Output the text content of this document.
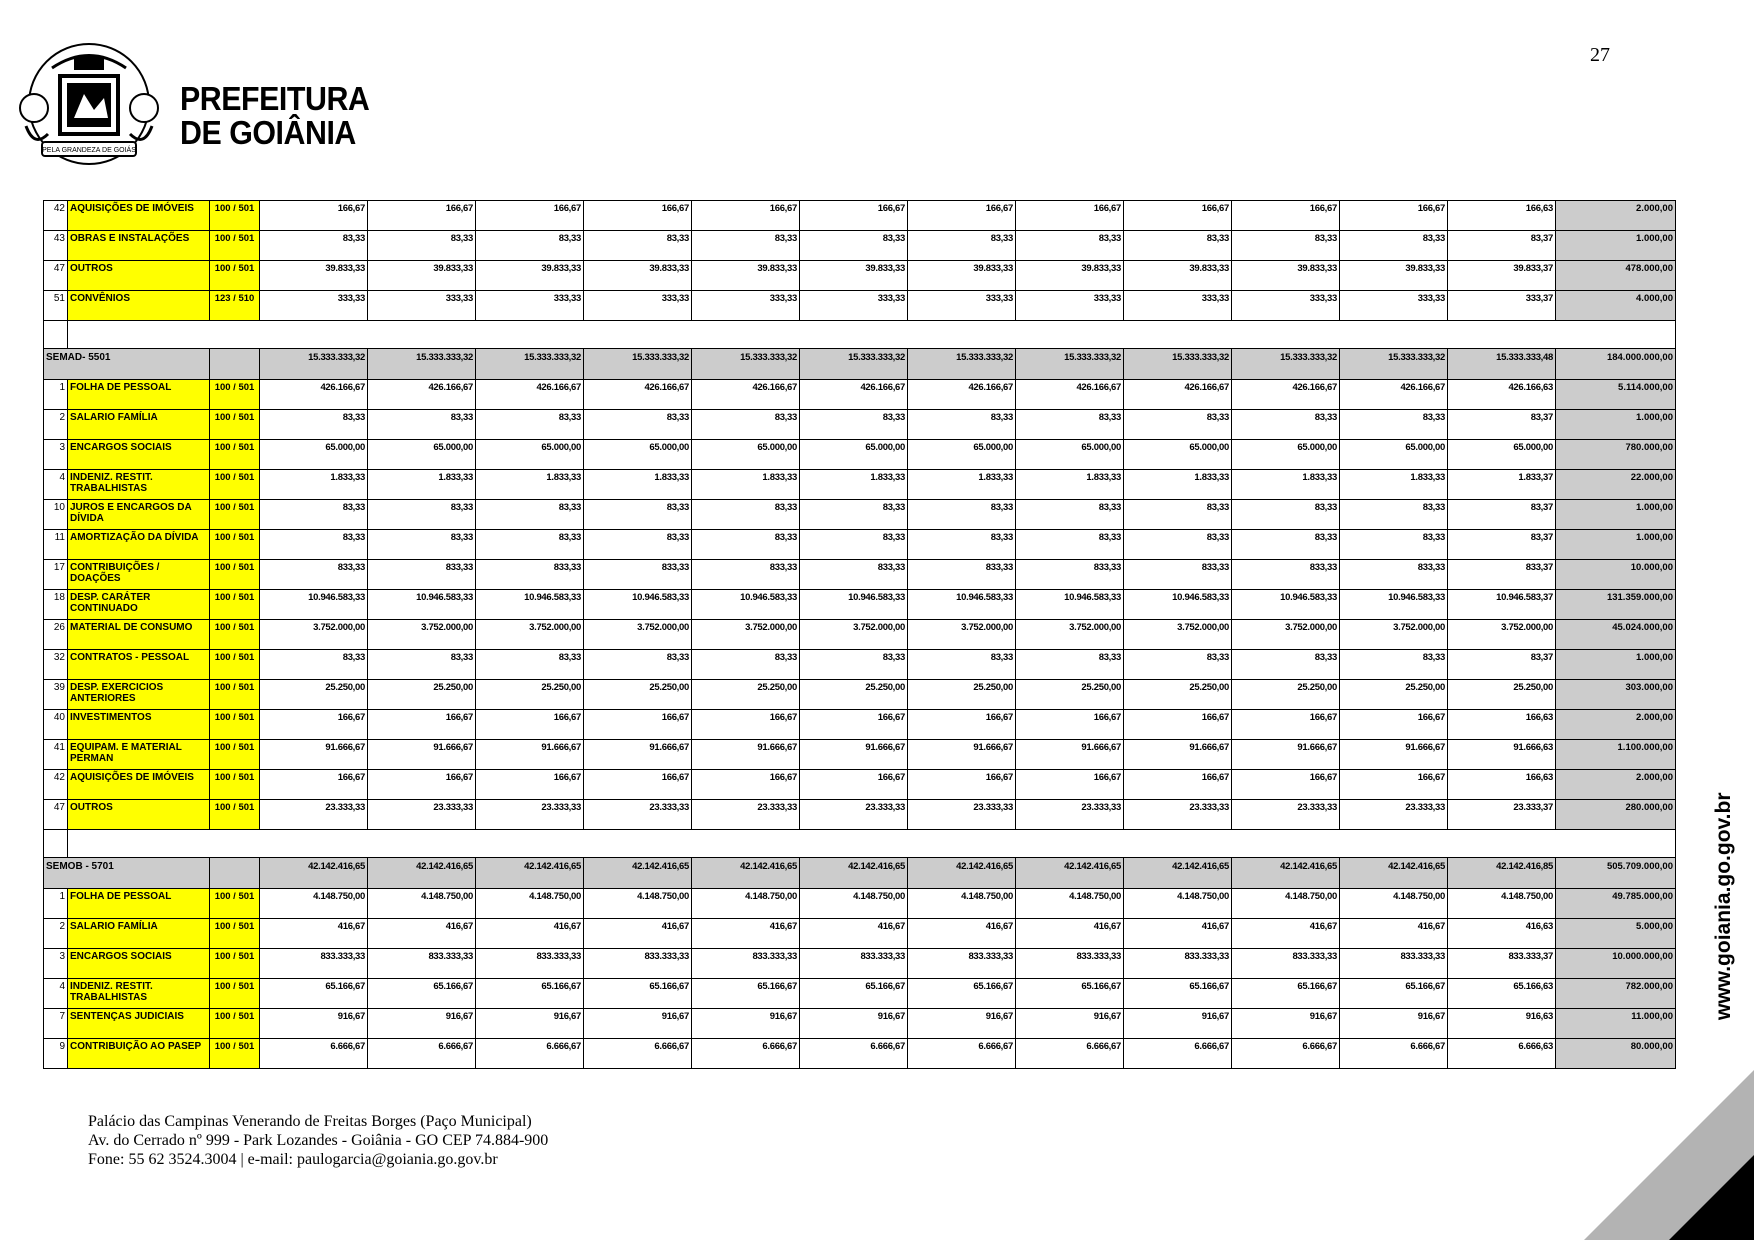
27
PELA GRANDEZA DE GOIÁS
PREFEITURA
DE GOIÂNIA
42	AQUISIÇÕES DE IMÓVEIS	100 / 501	166,67	166,67	166,67	166,67	166,67	166,67	166,67	166,67	166,67	166,67	166,67	166,63	2.000,00
43	OBRAS E INSTALAÇÕES	100 / 501	83,33	83,33	83,33	83,33	83,33	83,33	83,33	83,33	83,33	83,33	83,33	83,37	1.000,00
47	OUTROS	100 / 501	39.833,33	39.833,33	39.833,33	39.833,33	39.833,33	39.833,33	39.833,33	39.833,33	39.833,33	39.833,33	39.833,33	39.833,37	478.000,00
51	CONVÊNIOS	123 / 510	333,33	333,33	333,33	333,33	333,33	333,33	333,33	333,33	333,33	333,33	333,33	333,37	4.000,00

SEMAD- 5501			15.333.333,32	15.333.333,32	15.333.333,32	15.333.333,32	15.333.333,32	15.333.333,32	15.333.333,32	15.333.333,32	15.333.333,32	15.333.333,32	15.333.333,32	15.333.333,48	184.000.000,00
1	FOLHA DE PESSOAL	100 / 501	426.166,67	426.166,67	426.166,67	426.166,67	426.166,67	426.166,67	426.166,67	426.166,67	426.166,67	426.166,67	426.166,67	426.166,63	5.114.000,00
2	SALARIO FAMÍLIA	100 / 501	83,33	83,33	83,33	83,33	83,33	83,33	83,33	83,33	83,33	83,33	83,33	83,37	1.000,00
3	ENCARGOS SOCIAIS	100 / 501	65.000,00	65.000,00	65.000,00	65.000,00	65.000,00	65.000,00	65.000,00	65.000,00	65.000,00	65.000,00	65.000,00	65.000,00	780.000,00
4	INDENIZ. RESTIT. TRABALHISTAS	100 / 501	1.833,33	1.833,33	1.833,33	1.833,33	1.833,33	1.833,33	1.833,33	1.833,33	1.833,33	1.833,33	1.833,33	1.833,37	22.000,00
10	JUROS E ENCARGOS DA DÍVIDA	100 / 501	83,33	83,33	83,33	83,33	83,33	83,33	83,33	83,33	83,33	83,33	83,33	83,37	1.000,00
11	AMORTIZAÇÃO DA DÍVIDA	100 / 501	83,33	83,33	83,33	83,33	83,33	83,33	83,33	83,33	83,33	83,33	83,33	83,37	1.000,00
17	CONTRIBUIÇÕES / DOAÇÕES	100 / 501	833,33	833,33	833,33	833,33	833,33	833,33	833,33	833,33	833,33	833,33	833,33	833,37	10.000,00
18	DESP. CARÁTER CONTINUADO	100 / 501	10.946.583,33	10.946.583,33	10.946.583,33	10.946.583,33	10.946.583,33	10.946.583,33	10.946.583,33	10.946.583,33	10.946.583,33	10.946.583,33	10.946.583,33	10.946.583,37	131.359.000,00
26	MATERIAL DE CONSUMO	100 / 501	3.752.000,00	3.752.000,00	3.752.000,00	3.752.000,00	3.752.000,00	3.752.000,00	3.752.000,00	3.752.000,00	3.752.000,00	3.752.000,00	3.752.000,00	3.752.000,00	45.024.000,00
32	CONTRATOS - PESSOAL	100 / 501	83,33	83,33	83,33	83,33	83,33	83,33	83,33	83,33	83,33	83,33	83,33	83,37	1.000,00
39	DESP. EXERCICIOS ANTERIORES	100 / 501	25.250,00	25.250,00	25.250,00	25.250,00	25.250,00	25.250,00	25.250,00	25.250,00	25.250,00	25.250,00	25.250,00	25.250,00	303.000,00
40	INVESTIMENTOS	100 / 501	166,67	166,67	166,67	166,67	166,67	166,67	166,67	166,67	166,67	166,67	166,67	166,63	2.000,00
41	EQUIPAM. E MATERIAL PERMAN	100 / 501	91.666,67	91.666,67	91.666,67	91.666,67	91.666,67	91.666,67	91.666,67	91.666,67	91.666,67	91.666,67	91.666,67	91.666,63	1.100.000,00
42	AQUISIÇÕES DE IMÓVEIS	100 / 501	166,67	166,67	166,67	166,67	166,67	166,67	166,67	166,67	166,67	166,67	166,67	166,63	2.000,00
47	OUTROS	100 / 501	23.333,33	23.333,33	23.333,33	23.333,33	23.333,33	23.333,33	23.333,33	23.333,33	23.333,33	23.333,33	23.333,33	23.333,37	280.000,00

SEMOB - 5701			42.142.416,65	42.142.416,65	42.142.416,65	42.142.416,65	42.142.416,65	42.142.416,65	42.142.416,65	42.142.416,65	42.142.416,65	42.142.416,65	42.142.416,65	42.142.416,85	505.709.000,00
1	FOLHA DE PESSOAL	100 / 501	4.148.750,00	4.148.750,00	4.148.750,00	4.148.750,00	4.148.750,00	4.148.750,00	4.148.750,00	4.148.750,00	4.148.750,00	4.148.750,00	4.148.750,00	4.148.750,00	49.785.000,00
2	SALARIO FAMÍLIA	100 / 501	416,67	416,67	416,67	416,67	416,67	416,67	416,67	416,67	416,67	416,67	416,67	416,63	5.000,00
3	ENCARGOS SOCIAIS	100 / 501	833.333,33	833.333,33	833.333,33	833.333,33	833.333,33	833.333,33	833.333,33	833.333,33	833.333,33	833.333,33	833.333,33	833.333,37	10.000.000,00
4	INDENIZ. RESTIT. TRABALHISTAS	100 / 501	65.166,67	65.166,67	65.166,67	65.166,67	65.166,67	65.166,67	65.166,67	65.166,67	65.166,67	65.166,67	65.166,67	65.166,63	782.000,00
7	SENTENÇAS JUDICIAIS	100 / 501	916,67	916,67	916,67	916,67	916,67	916,67	916,67	916,67	916,67	916,67	916,67	916,63	11.000,00
9	CONTRIBUIÇÃO AO PASEP	100 / 501	6.666,67	6.666,67	6.666,67	6.666,67	6.666,67	6.666,67	6.666,67	6.666,67	6.666,67	6.666,67	6.666,67	6.666,63	80.000,00
www.goiania.go.gov.br
Palácio das Campinas Venerando de Freitas Borges (Paço Municipal)
Av. do Cerrado nº 999 - Park Lozandes - Goiânia - GO CEP 74.884-900
Fone: 55 62 3524.3004 | e-mail: paulogarcia@goiania.go.gov.br
